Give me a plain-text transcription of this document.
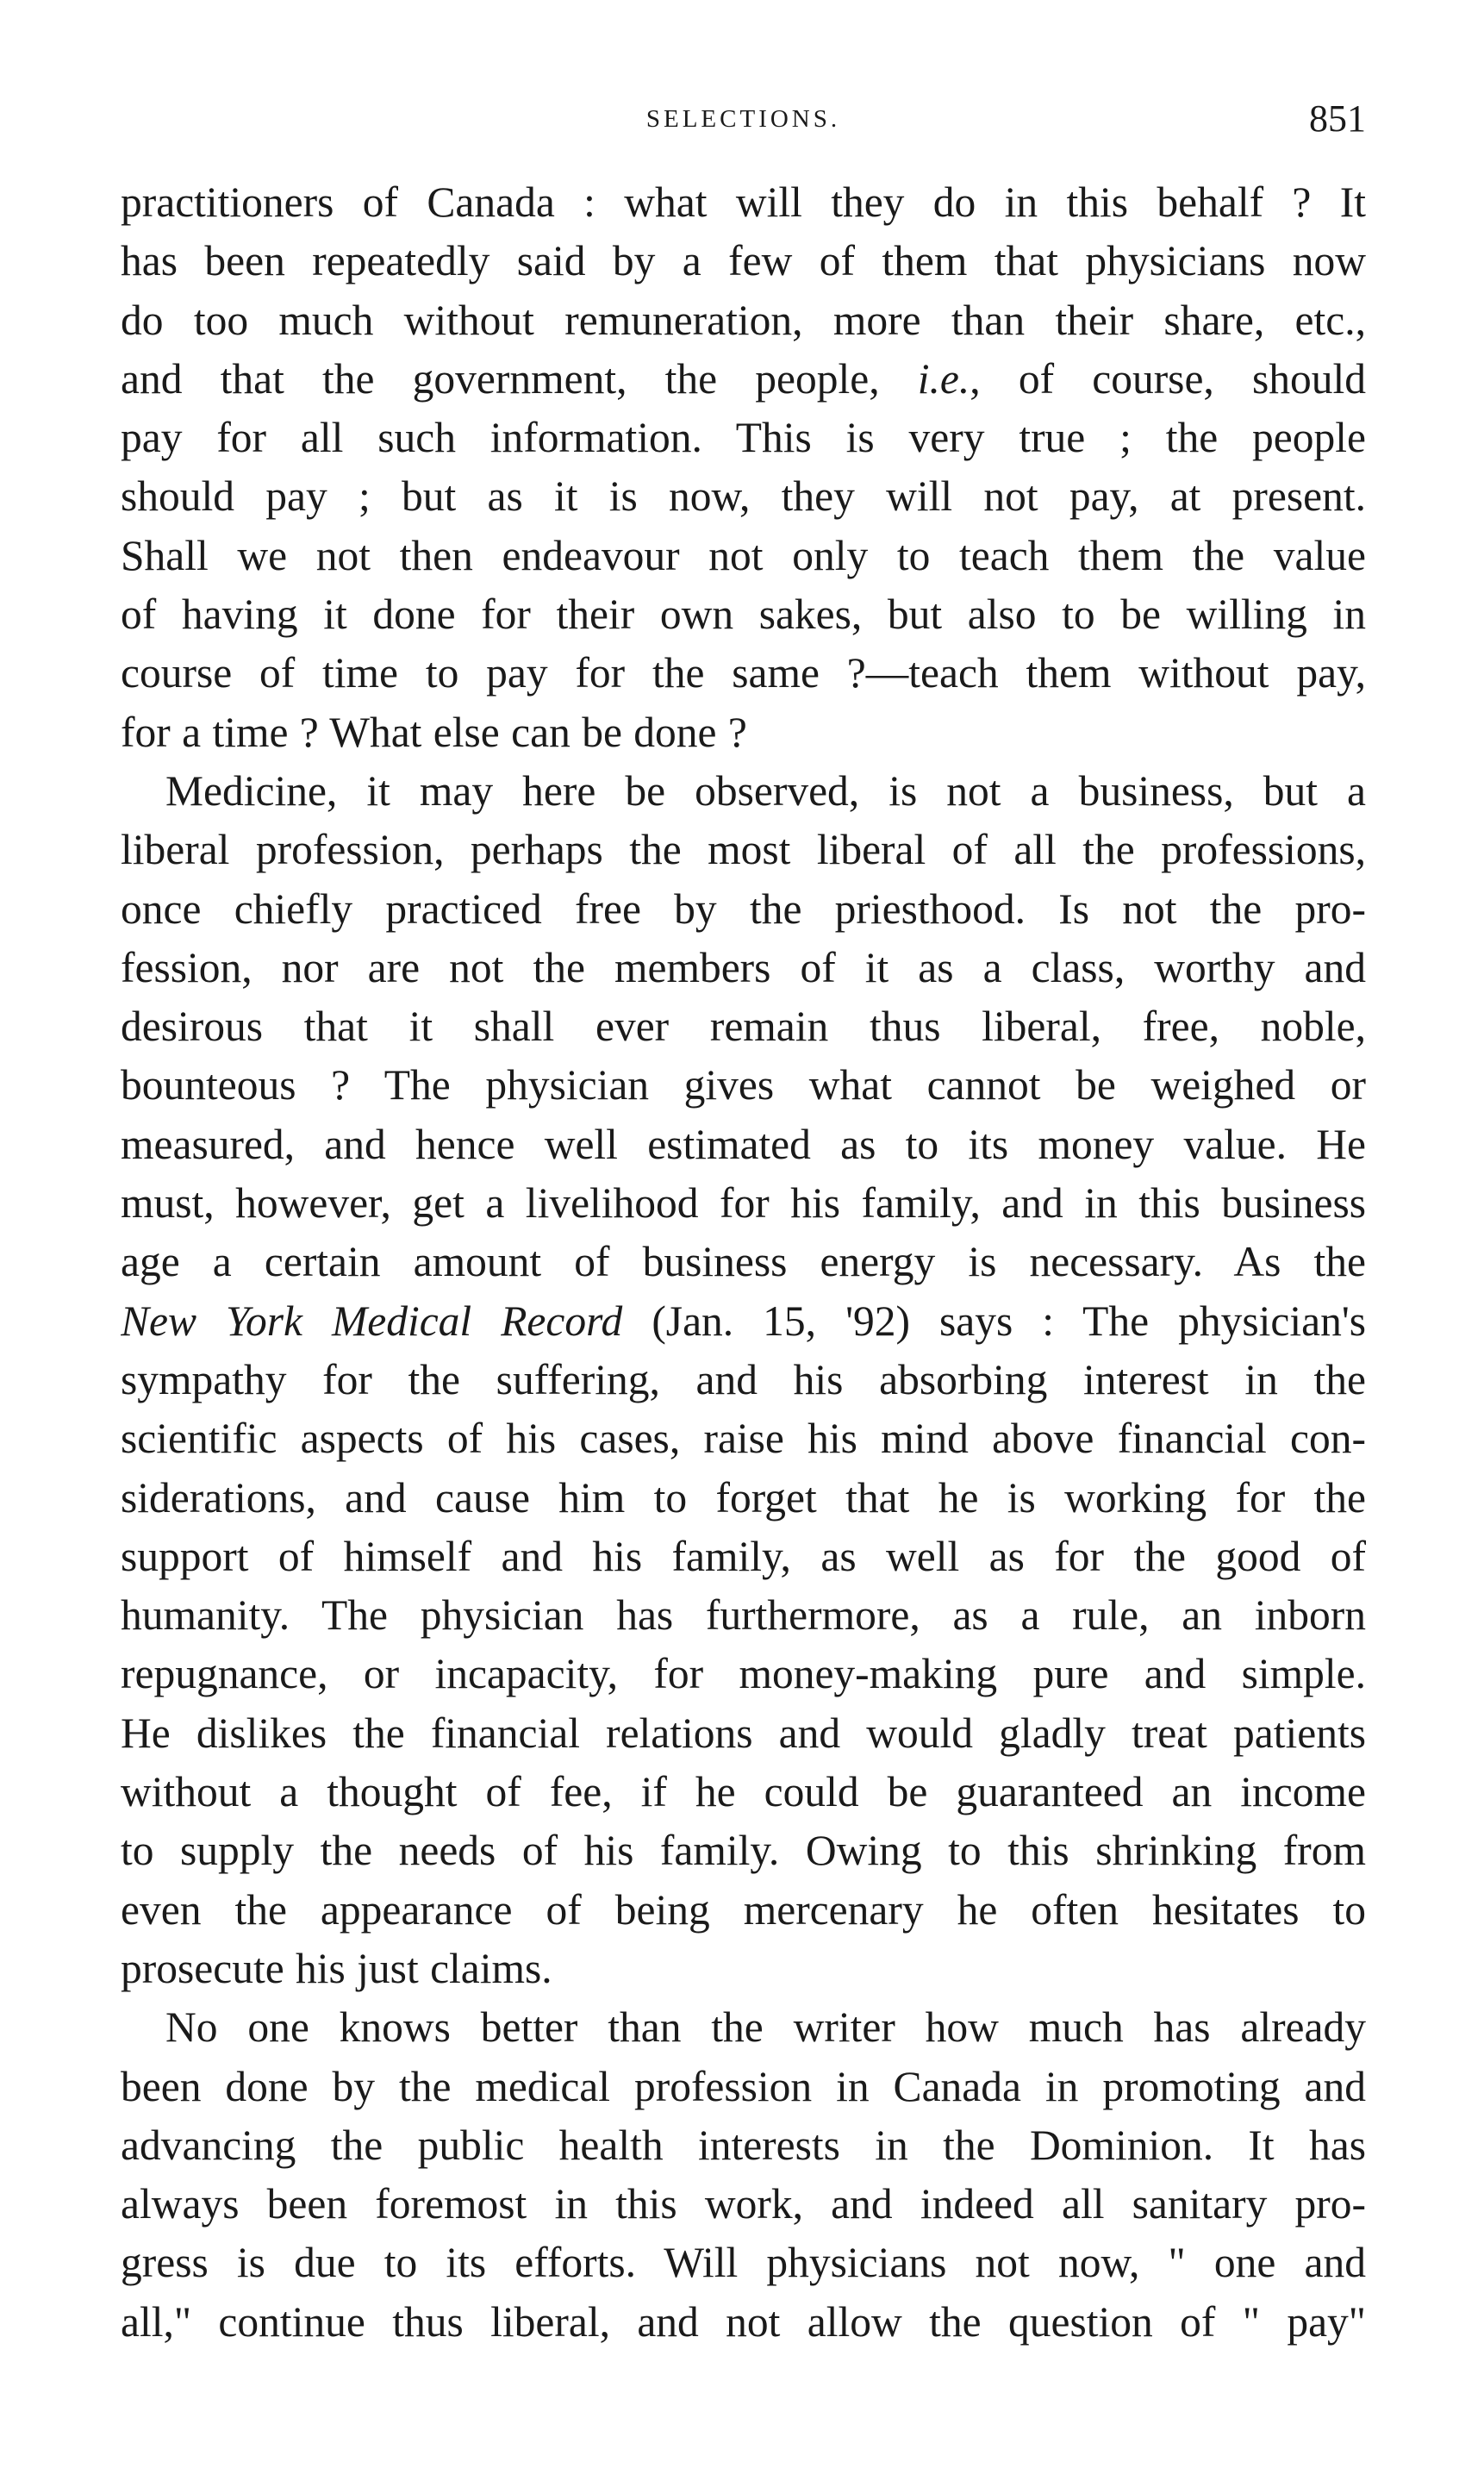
SELECTIONS.	851
practitioners of Canada : what will they do in this behalf ? It
has been repeatedly said by a few of them that physicians now
do too much without remuneration, more than their share, etc.,
and that the government, the people, i.e., of course, should
pay for all such information. This is very true ; the people
should pay ; but as it is now, they will not pay, at present.
Shall we not then endeavour not only to teach them the value
of having it done for their own sakes, but also to be willing in
course of time to pay for the same ?—teach them without pay,
for a time ? What else can be done ?
Medicine, it may here be observed, is not a business, but a
liberal profession, perhaps the most liberal of all the professions,
once chiefly practiced free by the priesthood. Is not the pro-
fession, nor are not the members of it as a class, worthy and
desirous that it shall ever remain thus liberal, free, noble,
bounteous ? The physician gives what cannot be weighed or
measured, and hence well estimated as to its money value. He
must, however, get a livelihood for his family, and in this business
age a certain amount of business energy is necessary. As the
New York Medical Record (Jan. 15, '92) says : The physician's
sympathy for the suffering, and his absorbing interest in the
scientific aspects of his cases, raise his mind above financial con-
siderations, and cause him to forget that he is working for the
support of himself and his family, as well as for the good of
humanity. The physician has furthermore, as a rule, an inborn
repugnance, or incapacity, for money-making pure and simple.
He dislikes the financial relations and would gladly treat patients
without a thought of fee, if he could be guaranteed an income
to supply the needs of his family. Owing to this shrinking from
even the appearance of being mercenary he often hesitates to
prosecute his just claims.
No one knows better than the writer how much has already
been done by the medical profession in Canada in promoting and
advancing the public health interests in the Dominion. It has
always been foremost in this work, and indeed all sanitary pro-
gress is due to its efforts. Will physicians not now, " one and
all," continue thus liberal, and not allow the question of " pay"
